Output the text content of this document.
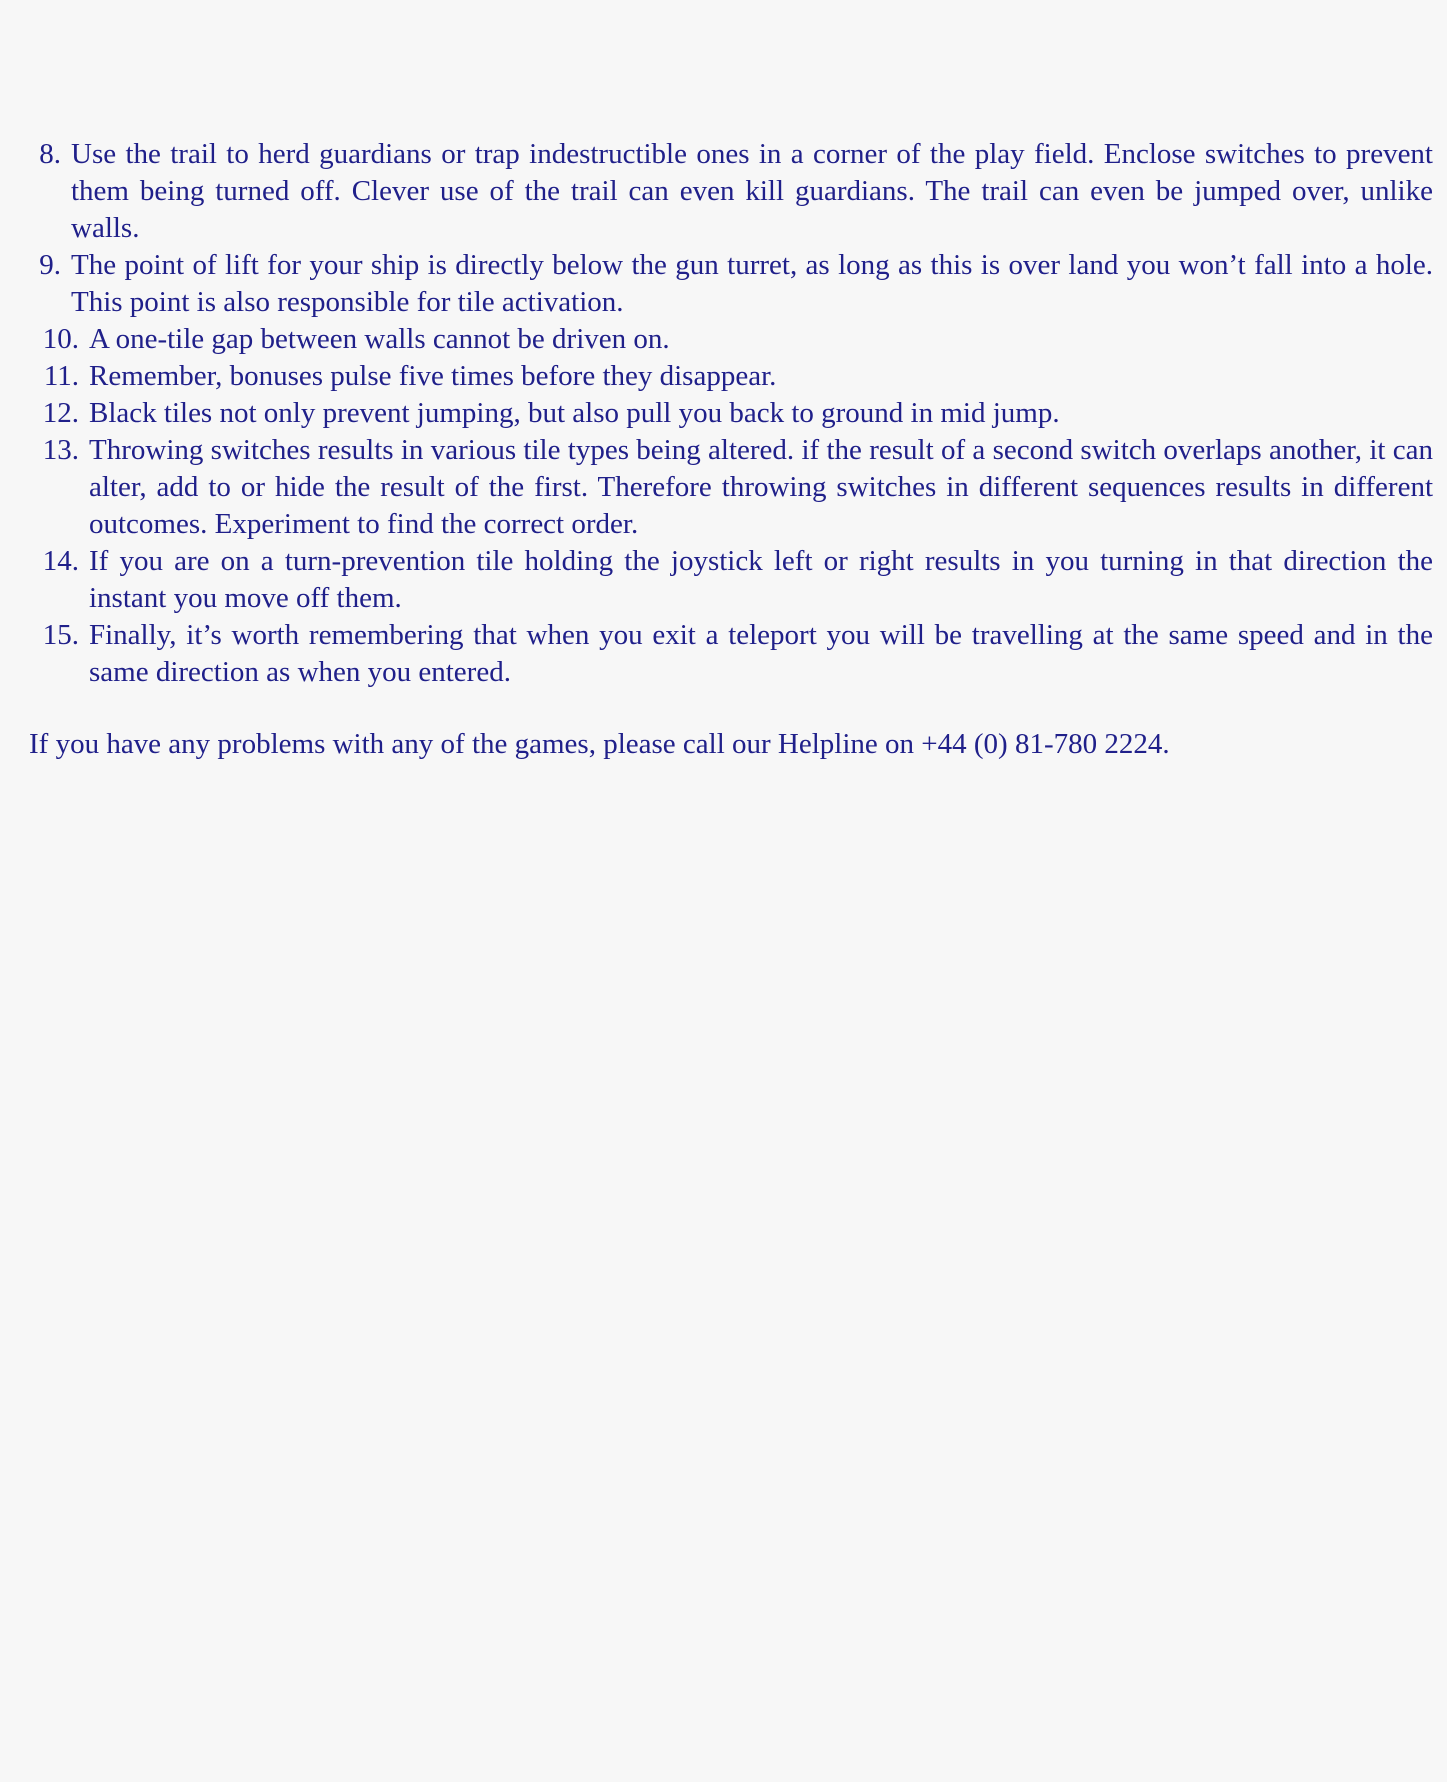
8. Use the trail to herd guardians or trap indestructible ones in a corner of the play field. Enclose switches to prevent them being turned off. Clever use of the trail can even kill guardians. The trail can even be jumped over, unlike walls.
9. The point of lift for your ship is directly below the gun turret, as long as this is over land you won’t fall into a hole. This point is also responsible for tile activation.
10. A one-tile gap between walls cannot be driven on.
11. Remember, bonuses pulse five times before they disappear.
12. Black tiles not only prevent jumping, but also pull you back to ground in mid jump.
13. Throwing switches results in various tile types being altered. if the result of a second switch overlaps another, it can alter, add to or hide the result of the first. Therefore throwing switches in different sequences results in different outcomes. Experiment to find the correct order.
14. If you are on a turn-prevention tile holding the joystick left or right results in you turning in that direction the instant you move off them.
15. Finally, it’s worth remembering that when you exit a teleport you will be travelling at the same speed and in the same direction as when you entered.

If you have any problems with any of the games, please call our Helpline on +44 (0) 81-780 2224.
